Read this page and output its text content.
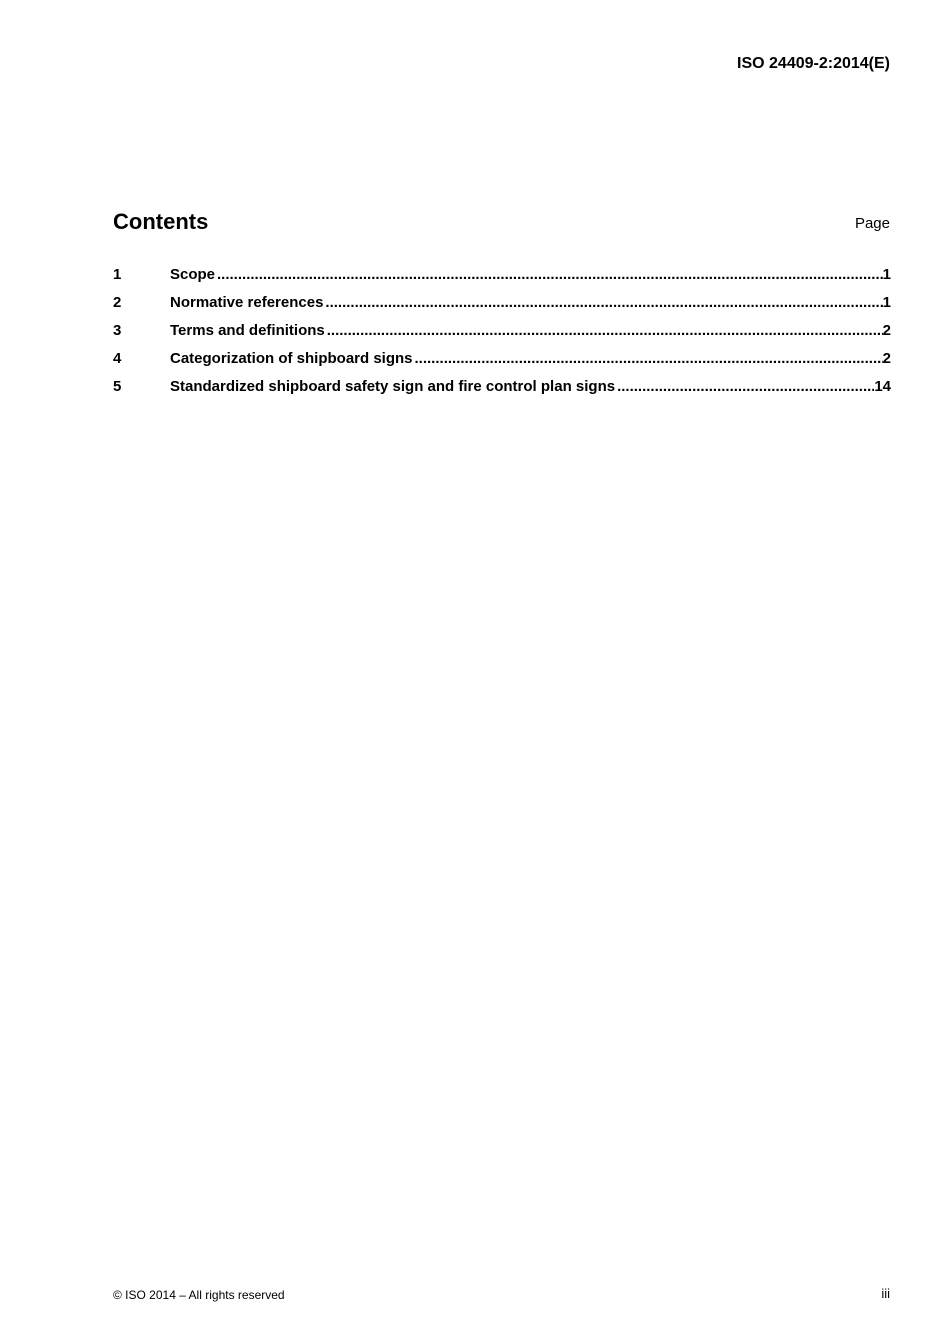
ISO 24409-2:2014(E)
Contents	Page
1	Scope .....	1
2	Normative references .....	1
3	Terms and definitions .....	2
4	Categorization of shipboard signs .....	2
5	Standardized shipboard safety sign and fire control plan signs .....	14
© ISO 2014 – All rights reserved	iii
